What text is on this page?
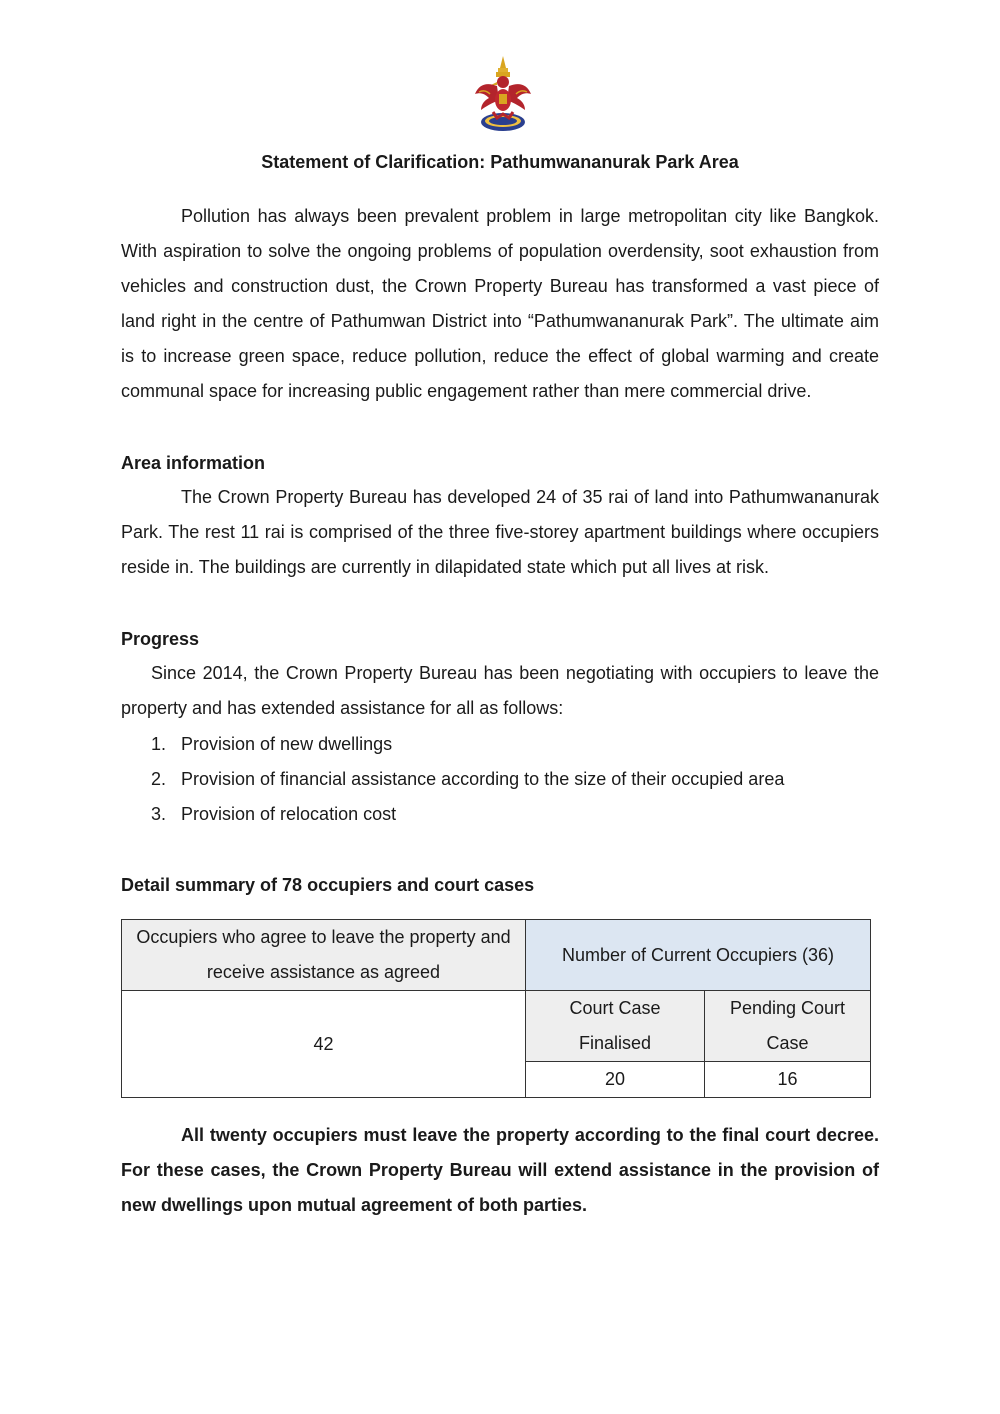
Statement of Clarification: Pathumwananurak Park Area

Pollution has always been prevalent problem in large metropolitan city like Bangkok. With aspiration to solve the ongoing problems of population overdensity, soot exhaustion from vehicles and construction dust, the Crown Property Bureau has transformed a vast piece of land right in the centre of Pathumwan District into “Pathumwananurak Park”. The ultimate aim is to increase green space, reduce pollution, reduce the effect of global warming and create communal space for increasing public engagement rather than mere commercial drive.

Area information

The Crown Property Bureau has developed 24 of 35 rai of land into Pathumwananurak Park. The rest 11 rai is comprised of the three five-storey apartment buildings where occupiers reside in. The buildings are currently in dilapidated state which put all lives at risk.

Progress

Since 2014, the Crown Property Bureau has been negotiating with occupiers to leave the property and has extended assistance for all as follows:

1. Provision of new dwellings
2. Provision of financial assistance according to the size of their occupied area
3. Provision of relocation cost
Detail summary of 78 occupiers and court cases
Occupiers who agree to leave the property and receive assistance as agreed	Number of Current Occupiers (36)	
42	Court Case Finalised	Pending Court Case
	20	16

All twenty occupiers must leave the property according to the final court decree. For these cases, the Crown Property Bureau will extend assistance in the provision of new dwellings upon mutual agreement of both parties.
